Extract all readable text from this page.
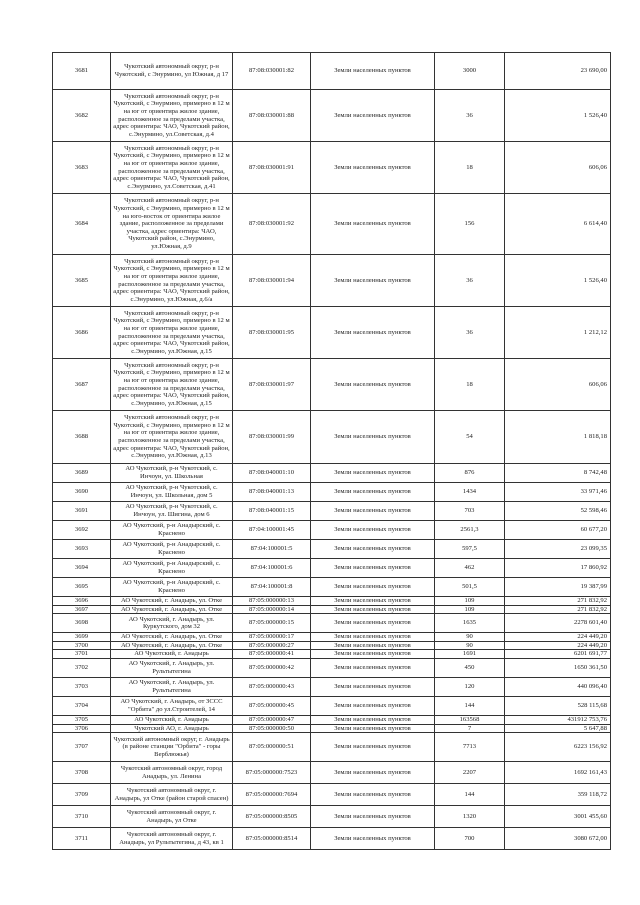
3681	Чукотский автономный округ, р-н Чукотский, с Энурмино, ул Южная, д 17	87:08:030001:82	Земли населенных пунктов	3000	23 690,00
3682	Чукотский автономный округ, р-н Чукотский, с Энурмино, примерно в 12 м на юг от ориентира жилое здание, расположенное за пределами участка, адрес ориентира: ЧАО, Чукотский район, с.Энурмино, ул.Советская, д.4	87:08:030001:88	Земли населенных пунктов	36	1 526,40
3683	Чукотский автономный округ, р-н Чукотский, с Энурмино, примерно в 12 м на юг от ориентира жилое здание, расположенное за пределами участка, адрес ориентира: ЧАО, Чукотский район, с.Энурмино, ул.Советская, д.41	87:08:030001:91	Земли населенных пунктов	18	606,06
3684	Чукотский автономный округ, р-н Чукотский, с Энурмино, примерно в 12 м на юго-восток от ориентира жилое здание, расположенное за пределами участка, адрес ориентира: ЧАО, Чукотский район, с.Энурмино, ул.Южная, д.9	87:08:030001:92	Земли населенных пунктов	156	6 614,40
3685	Чукотский автономный округ, р-н Чукотский, с Энурмино, примерно в 12 м на юг от ориентира жилое здание, расположенное за пределами участка, адрес ориентира: ЧАО, Чукотский район, с.Энурмино, ул.Южная, д.6/а	87:08:030001:94	Земли населенных пунктов	36	1 526,40
3686	Чукотский автономный округ, р-н Чукотский, с Энурмино, примерно в 12 м на юг от ориентира жилое здание, расположенное за пределами участка, адрес ориентира: ЧАО, Чукотский район, с.Энурмино, ул.Южная, д.15	87:08:030001:95	Земли населенных пунктов	36	1 212,12
3687	Чукотский автономный округ, р-н Чукотский, с Энурмино, примерно в 12 м на юг от ориентира жилое здание, расположенное за пределами участка, адрес ориентира: ЧАО, Чукотский район, с.Энурмино, ул.Южная, д.15	87:08:030001:97	Земли населенных пунктов	18	606,06
3688	Чукотский автономный округ, р-н Чукотский, с Энурмино, примерно в 12 м на юг от ориентира жилое здание, расположенное за пределами участка, адрес ориентира: ЧАО, Чукотский район, с.Энурмино, ул.Южная, д.13	87:08:030001:99	Земли населенных пунктов	54	1 818,18
3689	АО Чукотский, р-н Чукотский, с. Инчоун, ул. Школьная	87:08:040001:10	Земли населенных пунктов	876	8 742,48
3690	АО Чукотский, р-н Чукотский, с. Инчоун, ул. Школьная, дом 5	87:08:040001:13	Земли населенных пунктов	1434	33 971,46
3691	АО Чукотский, р-н Чукотский, с. Инчоун, ул. Шигина, дом 6	87:08:040001:15	Земли населенных пунктов	703	52 598,46
3692	АО Чукотский, р-н Анадырский, с. Краснено	87:04:100001:45	Земли населенных пунктов	2561,3	60 677,20
3693	АО Чукотский, р-н Анадырский, с. Краснено	87:04:100001:5	Земли населенных пунктов	597,5	23 099,35
3694	АО Чукотский, р-н Анадырский, с. Краснено	87:04:100001:6	Земли населенных пунктов	462	17 860,92
3695	АО Чукотский, р-н Анадырский, с. Краснено	87:04:100001:8	Земли населенных пунктов	501,5	19 387,99
3696	АО Чукотский, г. Анадырь, ул. Отке	87:05:000000:13	Земли населенных пунктов	109	271 832,92
3697	АО Чукотский, г. Анадырь, ул. Отке	87:05:000000:14	Земли населенных пунктов	109	271 832,92
3698	АО Чукотский, г. Анадырь, ул. Куркутского, дом 32	87:05:000000:15	Земли населенных пунктов	1635	2278 601,40
3699	АО Чукотский, г. Анадырь, ул. Отке	87:05:000000:17	Земли населенных пунктов	90	224 449,20
3700	АО Чукотский, г. Анадырь, ул. Отке	87:05:000000:27	Земли населенных пунктов	90	224 449,20
3701	АО Чукотский, г. Анадырь	87:05:000000:41	Земли населенных пунктов	1691	6201 691,77
3702	АО Чукотский, г. Анадырь, ул. Рультытегина	87:05:000000:42	Земли населенных пунктов	450	1650 361,50
3703	АО Чукотский, г. Анадырь, ул. Рультытегина	87:05:000000:43	Земли населенных пунктов	120	440 096,40
3704	АО Чукотский, г. Анадырь, от ЗССС "Орбита" до ул.Строителей, 14	87:05:000000:45	Земли населенных пунктов	144	528 115,68
3705	АО Чукотский, г. Анадырь	87:05:000000:47	Земли населенных пунктов	163568	431912 753,76
3706	Чукотский АО, г. Анадырь	87:05:000000:50	Земли населенных пунктов	7	5 647,88
3707	Чукотский автономный округ, г. Анадырь (в районе станции "Орбита" - горы Верблюжья)	87:05:000000:51	Земли населенных пунктов	7713	6223 156,92
3708	Чукотский автономный округ, город Анадырь, ул. Ленина	87:05:000000:7523	Земли населенных пунктов	2207	1692 161,43
3709	Чукотский автономный округ, г. Анадырь, ул Отке (район старой спасен)	87:05:000000:7694	Земли населенных пунктов	144	359 118,72
3710	Чукотский автономный округ, г. Анадырь, ул Отке	87:05:000000:8505	Земли населенных пунктов	1320	3001 455,60
3711	Чукотский автономный округ, г. Анадырь, ул Рультытегина, д 43, кв 1	87:05:000000:8514	Земли населенных пунктов	700	3080 672,00
